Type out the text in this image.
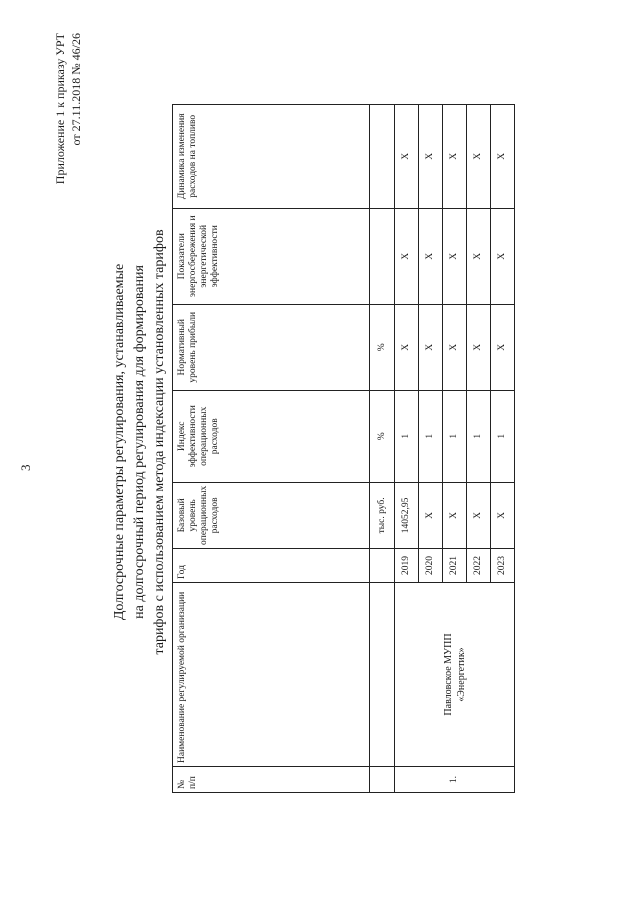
3
Приложение 1 к приказу УРТ от 27.11.2018 № 46/26
Долгосрочные параметры регулирования, устанавливаемые на долгосрочный период регулирования для формирования тарифов с использованием метода индексации установленных тарифов
№ п/п	Наименование регулируемой организации	Год	Базовый уровень операционных расходов	Индекс эффективности операционных расходов	Нормативный уровень прибыли	Показатели энергосбережения и энергетической эффективности	Динамика изменения расходов на топливо
			тыс. руб.	%	%		
1.	Павловское МУПП «Энергетик»	2019	14052,95	1	Х	Х	Х
		2020	Х	1	Х	Х	Х
		2021	Х	1	Х	Х	Х
		2022	Х	1	Х	Х	Х
		2023	Х	1	Х	Х	Х
